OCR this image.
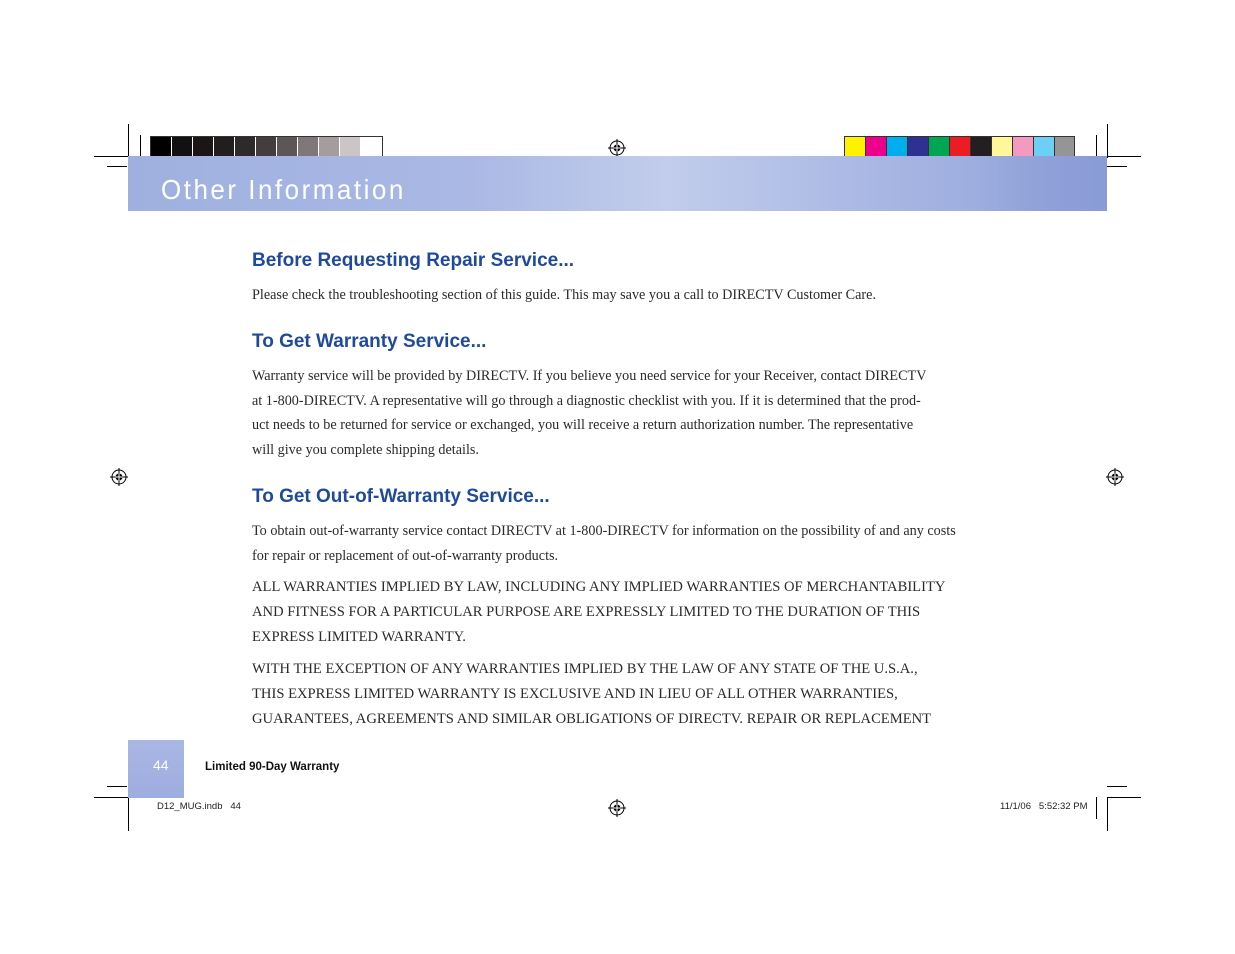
Other Information
Before Requesting Repair Service...
Please check the troubleshooting section of this guide. This may save you a call to DIRECTV Customer Care.
To Get Warranty Service...
Warranty service will be provided by DIRECTV. If you believe you need service for your Receiver, contact DIRECTV
at 1-800-DIRECTV. A representative will go through a diagnostic checklist with you. If it is determined that the prod-
uct needs to be returned for service or exchanged, you will receive a return authorization number. The representative
will give you complete shipping details.
To Get Out-of-Warranty Service...
To obtain out-of-warranty service contact DIRECTV at 1-800-DIRECTV for information on the possibility of and any costs
for repair or replacement of out-of-warranty products.
ALL WARRANTIES IMPLIED BY LAW, INCLUDING ANY IMPLIED WARRANTIES OF MERCHANTABILITY
AND FITNESS FOR A PARTICULAR PURPOSE ARE EXPRESSLY LIMITED TO THE DURATION OF THIS
EXPRESS LIMITED WARRANTY.
WITH THE EXCEPTION OF ANY WARRANTIES IMPLIED BY THE LAW OF ANY STATE OF THE U.S.A.,
THIS EXPRESS LIMITED WARRANTY IS EXCLUSIVE AND IN LIEU OF ALL OTHER WARRANTIES,
GUARANTEES, AGREEMENTS AND SIMILAR OBLIGATIONS OF DIRECTV. REPAIR OR REPLACEMENT
44	Limited 90-Day Warranty
D12_MUG.indb   44	11/1/06   5:52:32 PM
